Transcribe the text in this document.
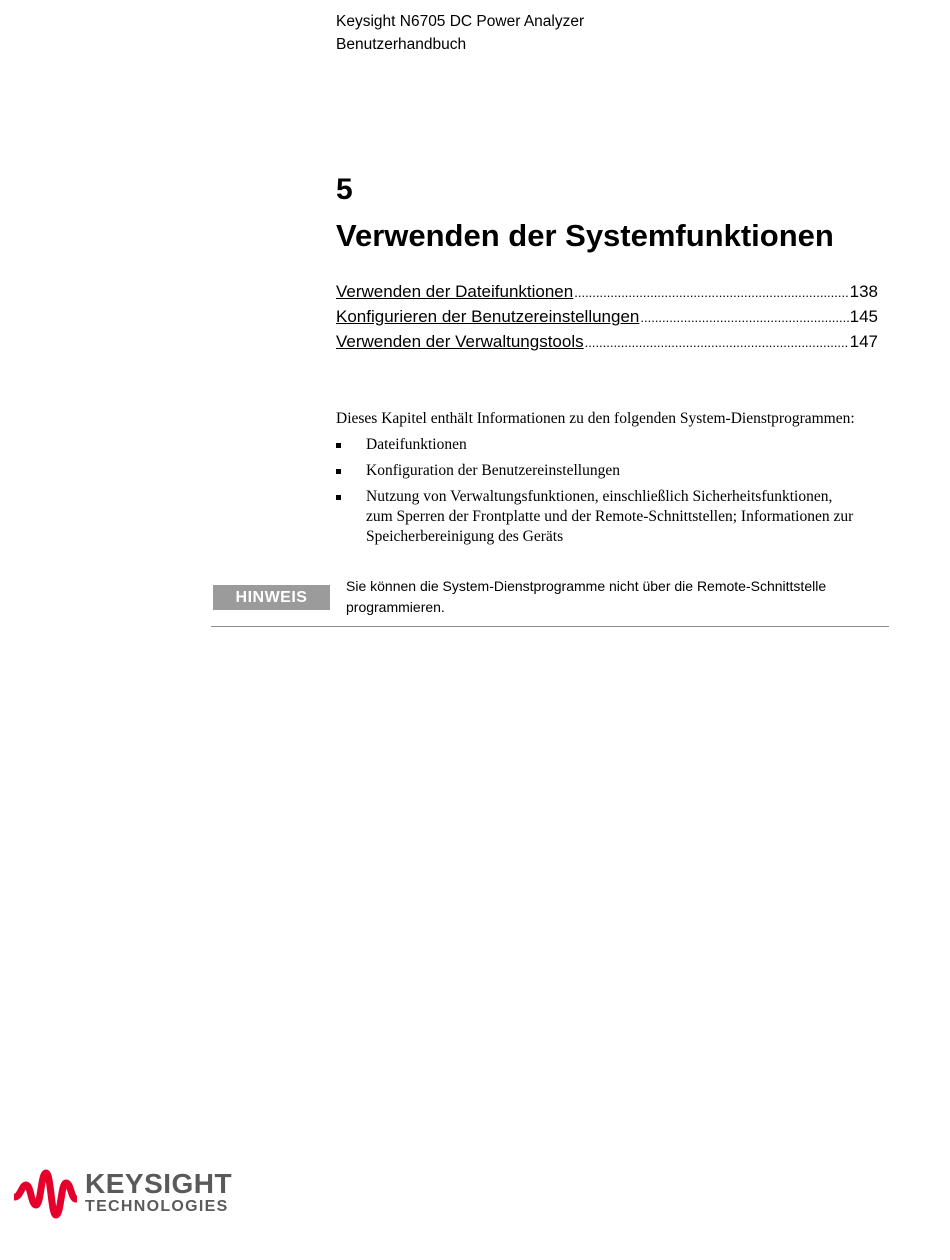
Keysight N6705 DC Power Analyzer
Benutzerhandbuch
5
Verwenden der Systemfunktionen
Verwenden der Dateifunktionen .....	138
Konfigurieren der Benutzereinstellungen .....	145
Verwenden der Verwaltungstools .....	147

Dieses Kapitel enthält Informationen zu den folgenden System-Dienstprogrammen:

Dateifunktionen
Konfiguration der Benutzereinstellungen
Nutzung von Verwaltungsfunktionen, einschließlich Sicherheitsfunktionen, zum Sperren der Frontplatte und der Remote-Schnittstellen; Informationen zur Speicherbereinigung des Geräts
HINWEIS
Sie können die System-Dienstprogramme nicht über die Remote-Schnittstelle programmieren.
KEYSIGHT
TECHNOLOGIES
